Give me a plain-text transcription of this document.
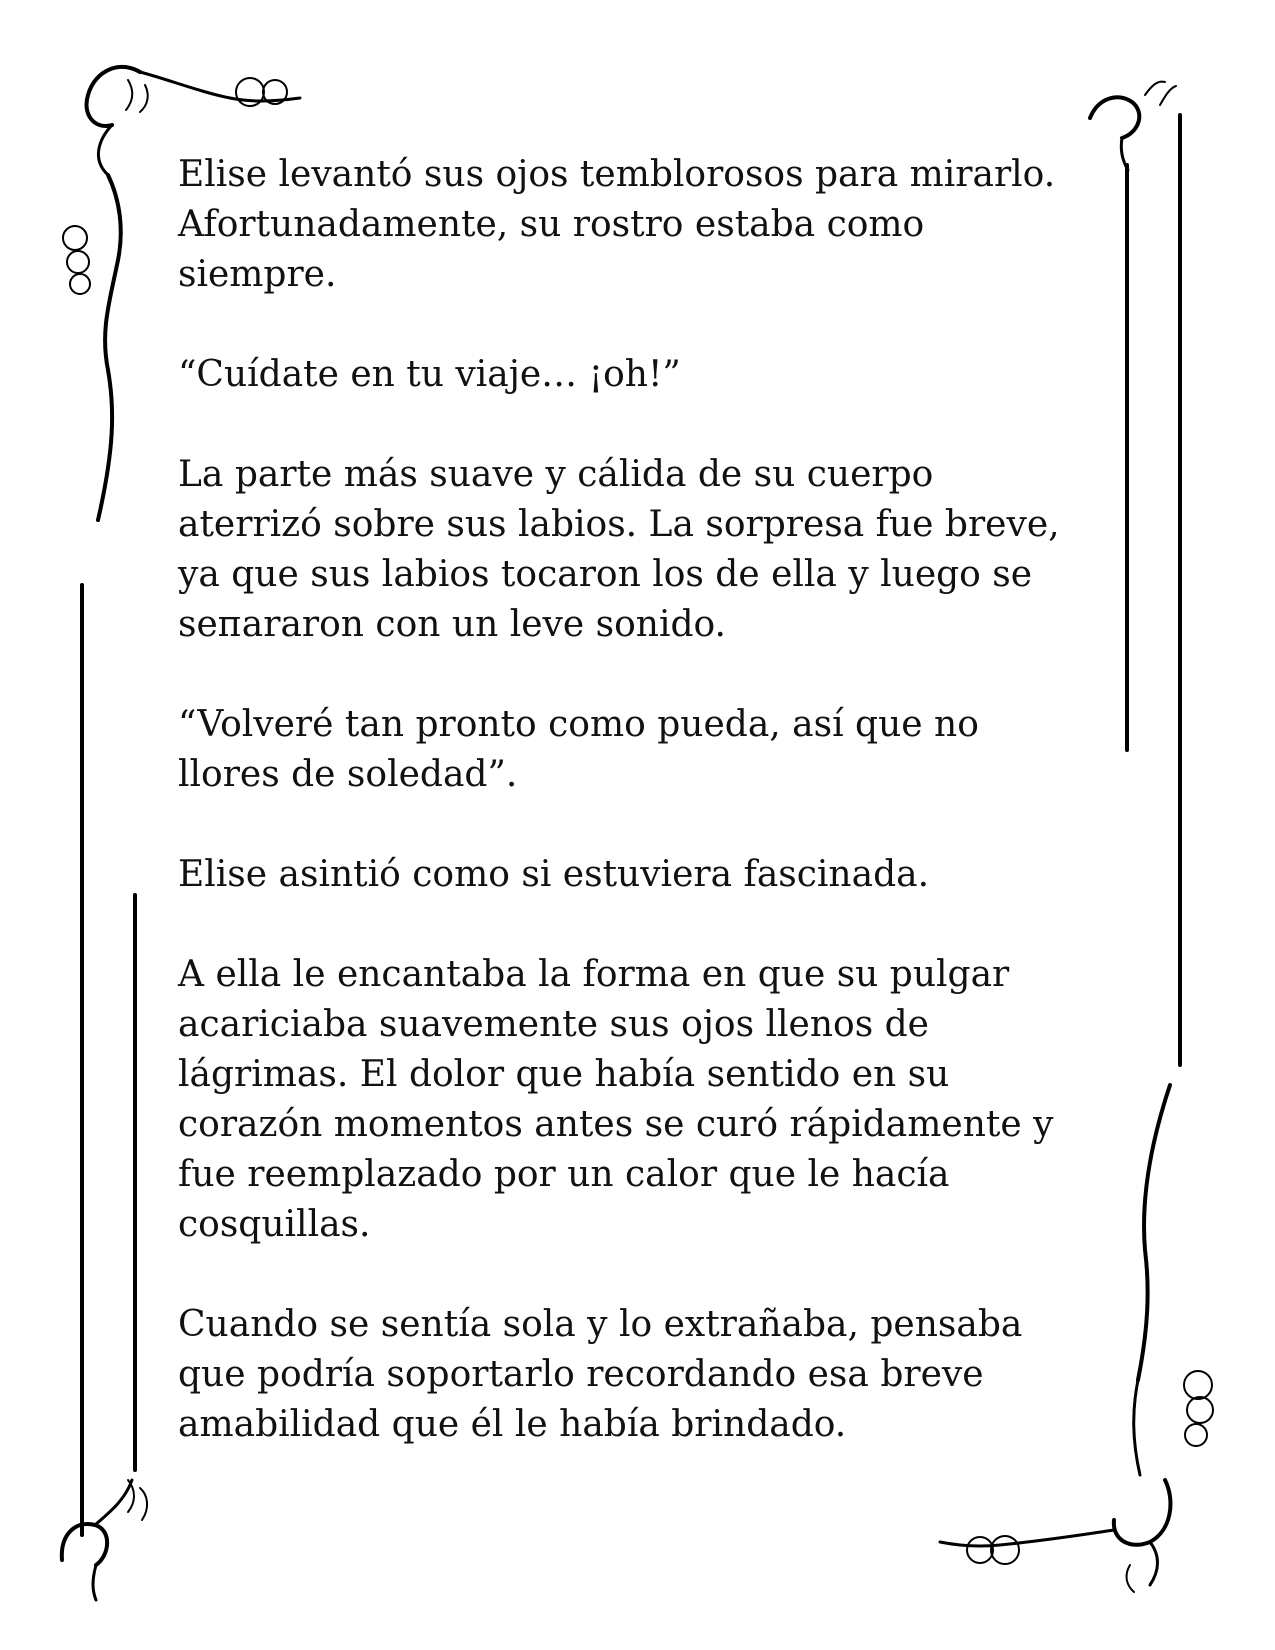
Elise levantó sus ojos temblorosos para mirarlo.
Afortunadamente, su rostro estaba como
siempre.

“Cuídate en tu viaje… ¡oh!”

La parte más suave y cálida de su cuerpo
aterrizó sobre sus labios. La sorpresa fue breve,
ya que sus labios tocaron los de ella y luego se
seпararon con un leve sonido.

“Volveré tan pronto como pueda, así que no
llores de soledad”.

Elise asintió como si estuviera fascinada.

A ella le encantaba la forma en que su pulgar
acariciaba suavemente sus ojos llenos de
lágrimas. El dolor que había sentido en su
corazón momentos antes se curó rápidamente y
fue reemplazado por un calor que le hacía
cosquillas.

Cuando se sentía sola y lo extrañaba, pensaba
que podría soportarlo recordando esa breve
amabilidad que él le había brindado.
